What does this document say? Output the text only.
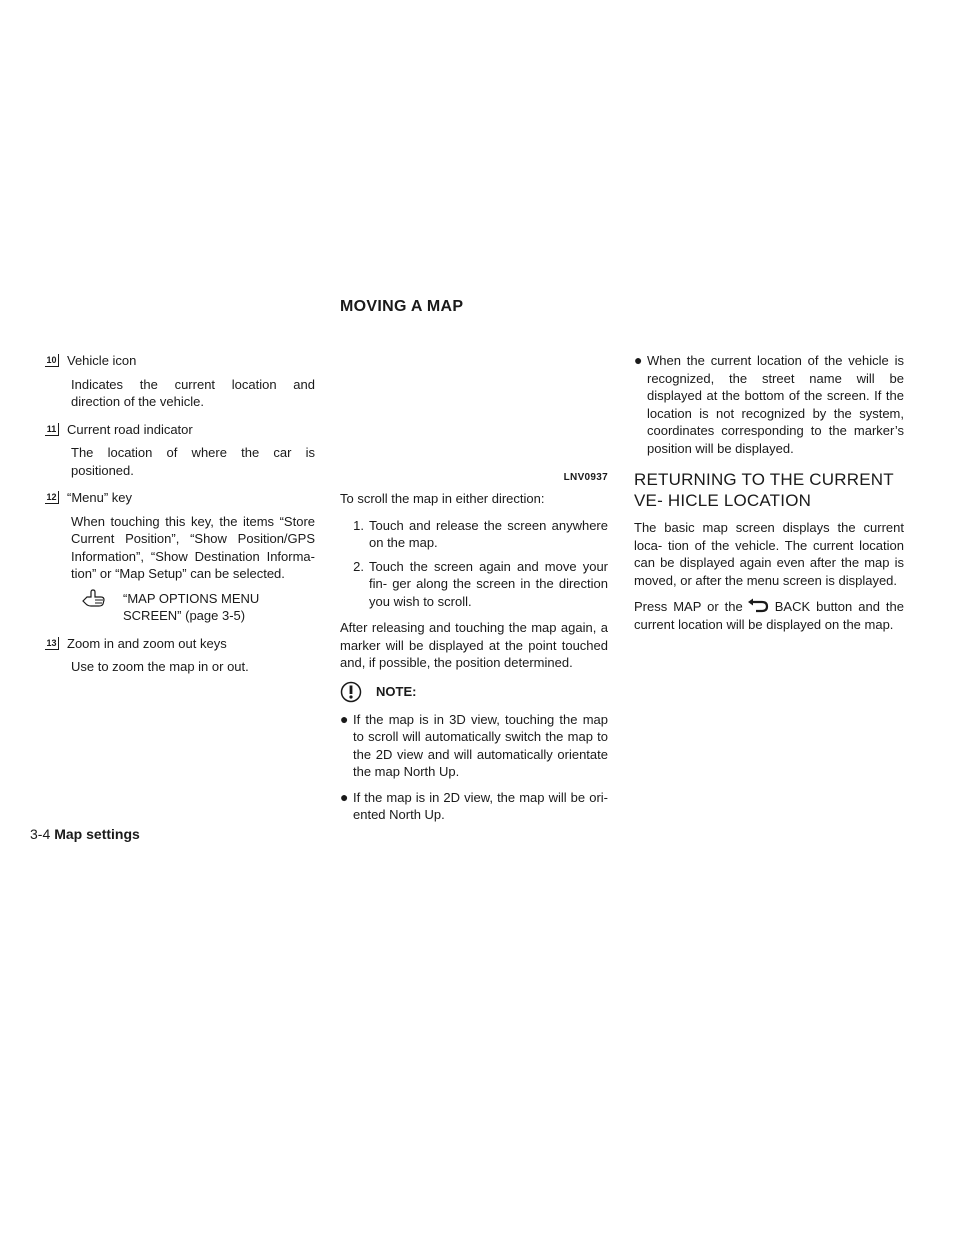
MOVING A MAP
10 Vehicle icon
Indicates the current location and direction of the vehicle.
11 Current road indicator
The location of where the car is positioned.
12 “Menu” key
When touching this key, the items “Store Current Position”, “Show Position/GPS Information”, “Show Destination Informa- tion” or “Map Setup” can be selected.
“MAP OPTIONS MENU SCREEN” (page 3-5)
13 Zoom in and zoom out keys
Use to zoom the map in or out.
LNV0937

To scroll the map in either direction:

1. Touch and release the screen anywhere on the map.
2. Touch the screen again and move your fin- ger along the screen in the direction you wish to scroll.

After releasing and touching the map again, a marker will be displayed at the point touched and, if possible, the position determined.

NOTE:
● If the map is in 3D view, touching the map to scroll will automatically switch the map to the 2D view and will automatically orientate the map North Up.
● If the map is in 2D view, the map will be ori- ented North Up.
● When the current location of the vehicle is recognized, the street name will be displayed at the bottom of the screen. If the location is not recognized by the system, coordinates corresponding to the marker’s position will be displayed.
RETURNING TO THE CURRENT VE- HICLE LOCATION

The basic map screen displays the current loca- tion of the vehicle. The current location can be displayed again even after the map is moved, or after the menu screen is displayed.

Press MAP or the BACK button and the current location will be displayed on the map.

3-4 Map settings
